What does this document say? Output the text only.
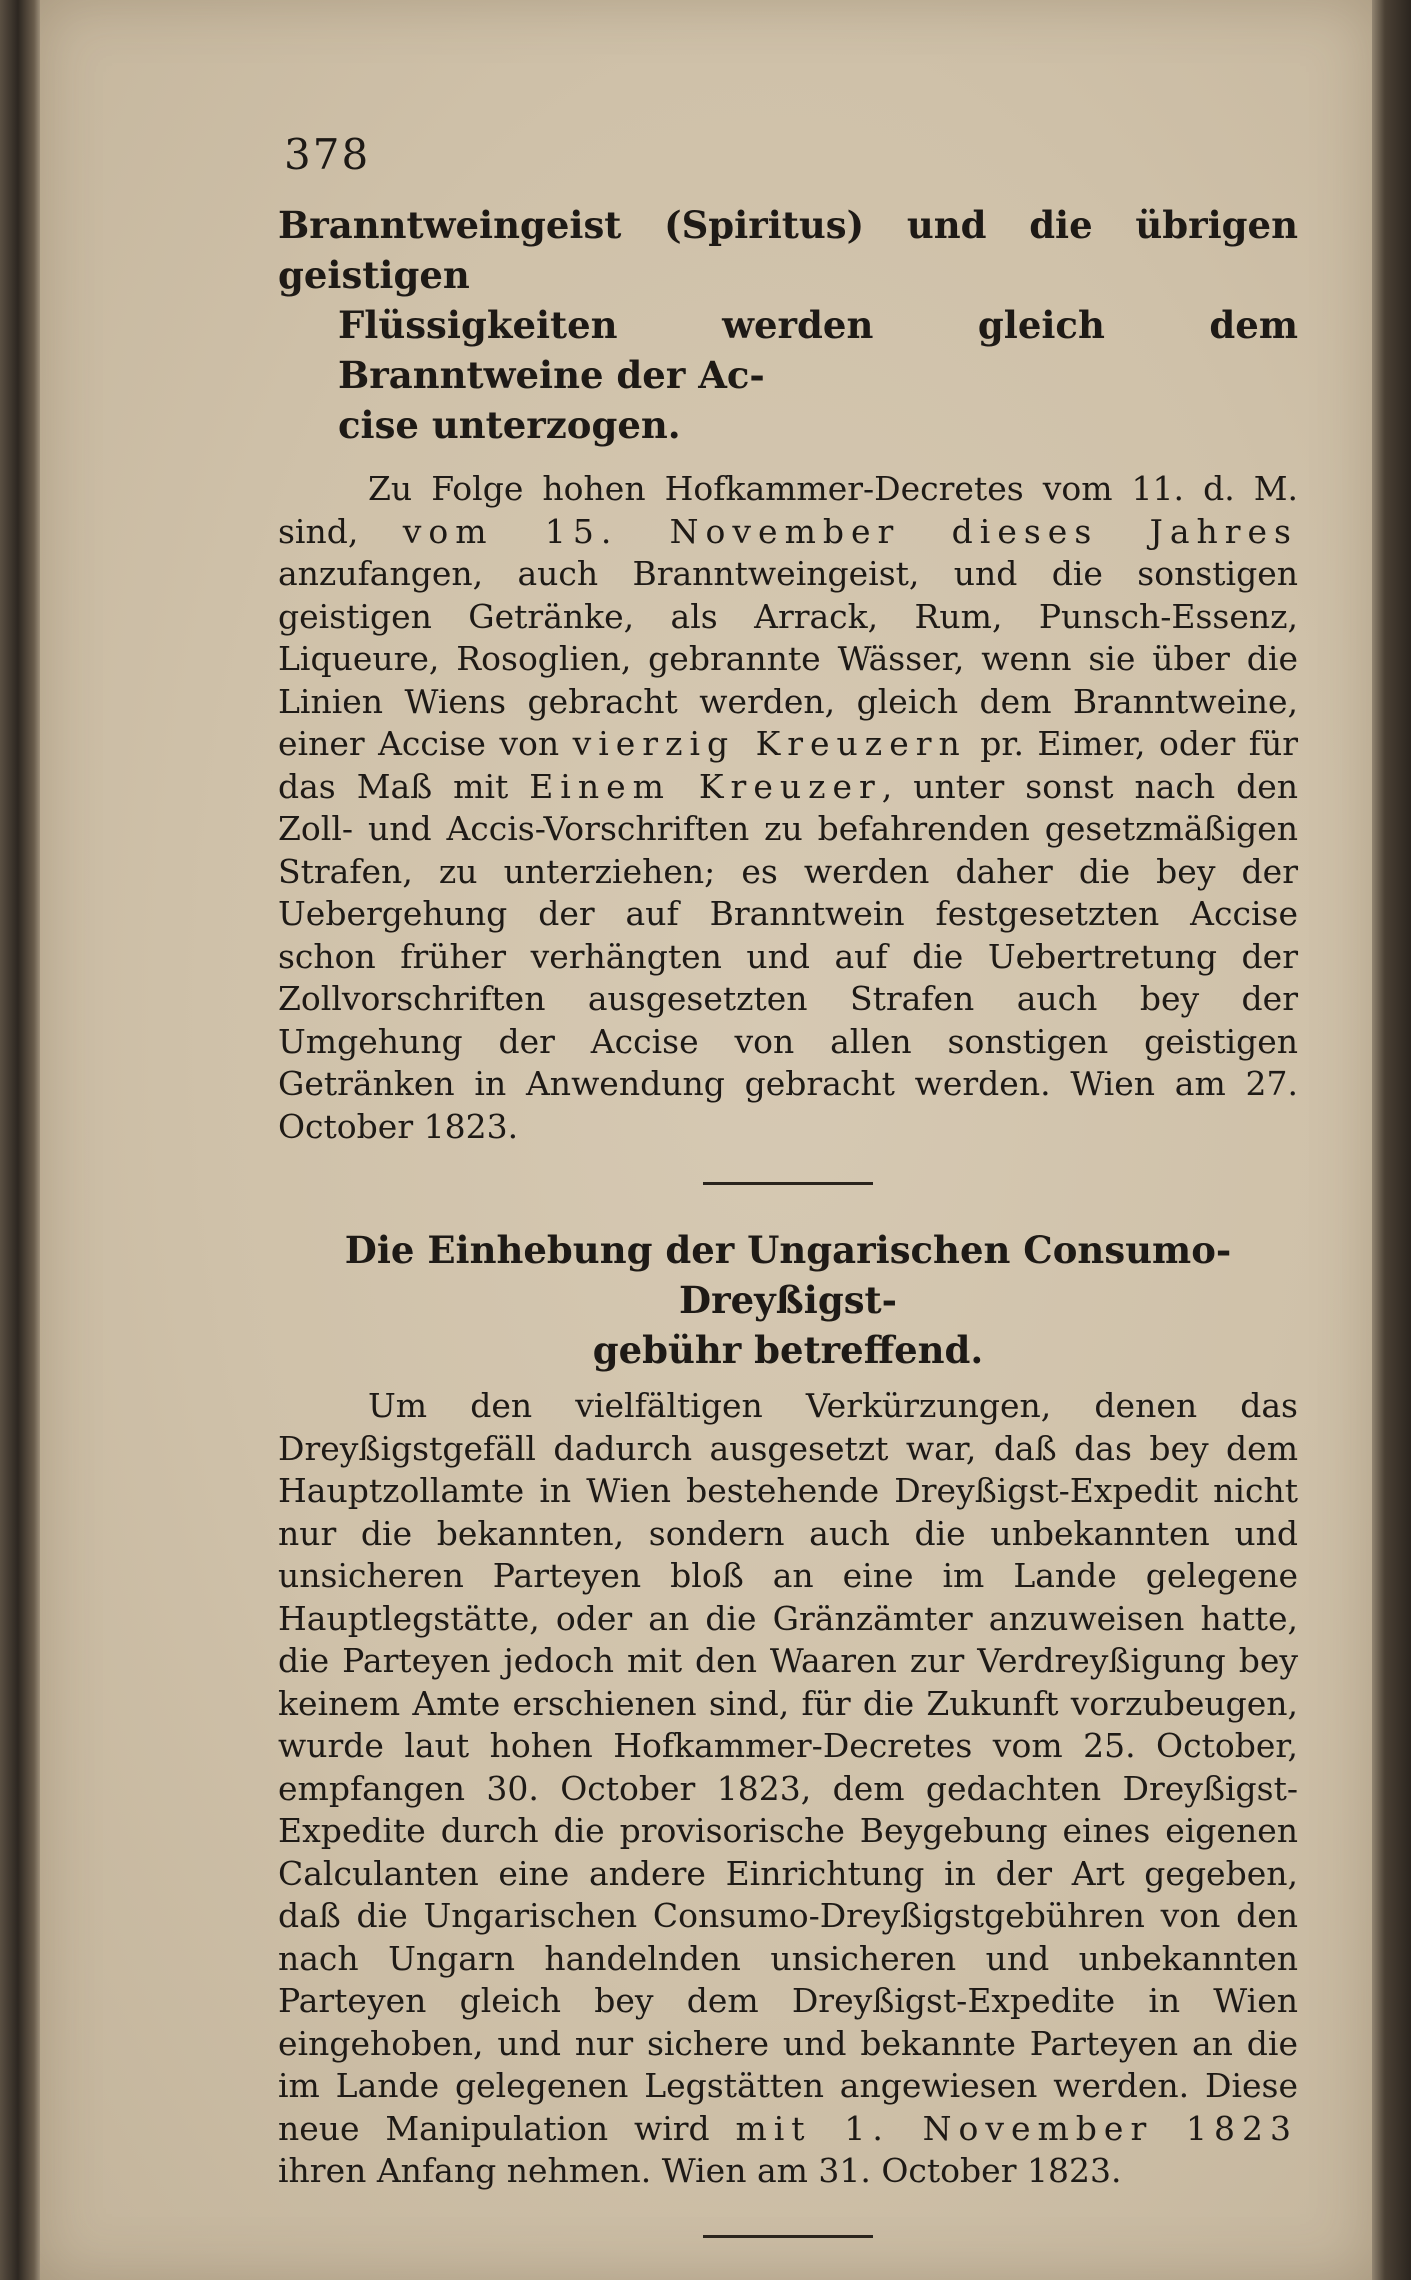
378
Branntweingeist (Spiritus) und die übrigen geistigen
Flüssigkeiten werden gleich dem Branntweine der Ac-
cise unterzogen.

Zu Folge hohen Hofkammer-Decretes vom 11. d. M. sind, vom 15. November dieses Jahres anzufangen, auch Branntweingeist, und die sonstigen geistigen Getränke, als Arrack, Rum, Punsch-Essenz, Liqueure, Rosoglien, gebrannte Wässer, wenn sie über die Linien Wiens gebracht werden, gleich dem Branntweine, einer Accise von vierzig Kreuzern pr. Eimer, oder für das Maß mit Einem Kreuzer, unter sonst nach den Zoll- und Accis-Vorschriften zu befahrenden gesetzmäßigen Strafen, zu unterziehen; es werden daher die bey der Uebergehung der auf Branntwein festgesetzten Accise schon früher verhängten und auf die Uebertretung der Zollvorschriften ausgesetzten Strafen auch bey der Umgehung der Accise von allen sonstigen geistigen Getränken in Anwendung gebracht werden. Wien am 27. October 1823.

Die Einhebung der Ungarischen Consumo-Dreyßigst-
gebühr betreffend.

Um den vielfältigen Verkürzungen, denen das Dreyßigstgefäll dadurch ausgesetzt war, daß das bey dem Hauptzollamte in Wien bestehende Dreyßigst-Expedit nicht nur die bekannten, sondern auch die unbekannten und unsicheren Parteyen bloß an eine im Lande gelegene Hauptlegstätte, oder an die Gränzämter anzuweisen hatte, die Parteyen jedoch mit den Waaren zur Verdreyßigung bey keinem Amte erschienen sind, für die Zukunft vorzubeugen, wurde laut hohen Hofkammer-Decretes vom 25. October, empfangen 30. October 1823, dem gedachten Dreyßigst-Expedite durch die provisorische Beygebung eines eigenen Calculanten eine andere Einrichtung in der Art gegeben, daß die Ungarischen Consumo-Dreyßigstgebühren von den nach Ungarn handelnden unsicheren und unbekannten Parteyen gleich bey dem Dreyßigst-Expedite in Wien eingehoben, und nur sichere und bekannte Parteyen an die im Lande gelegenen Legstätten angewiesen werden. Diese neue Manipulation wird mit 1. November 1823 ihren Anfang nehmen. Wien am 31. October 1823.
